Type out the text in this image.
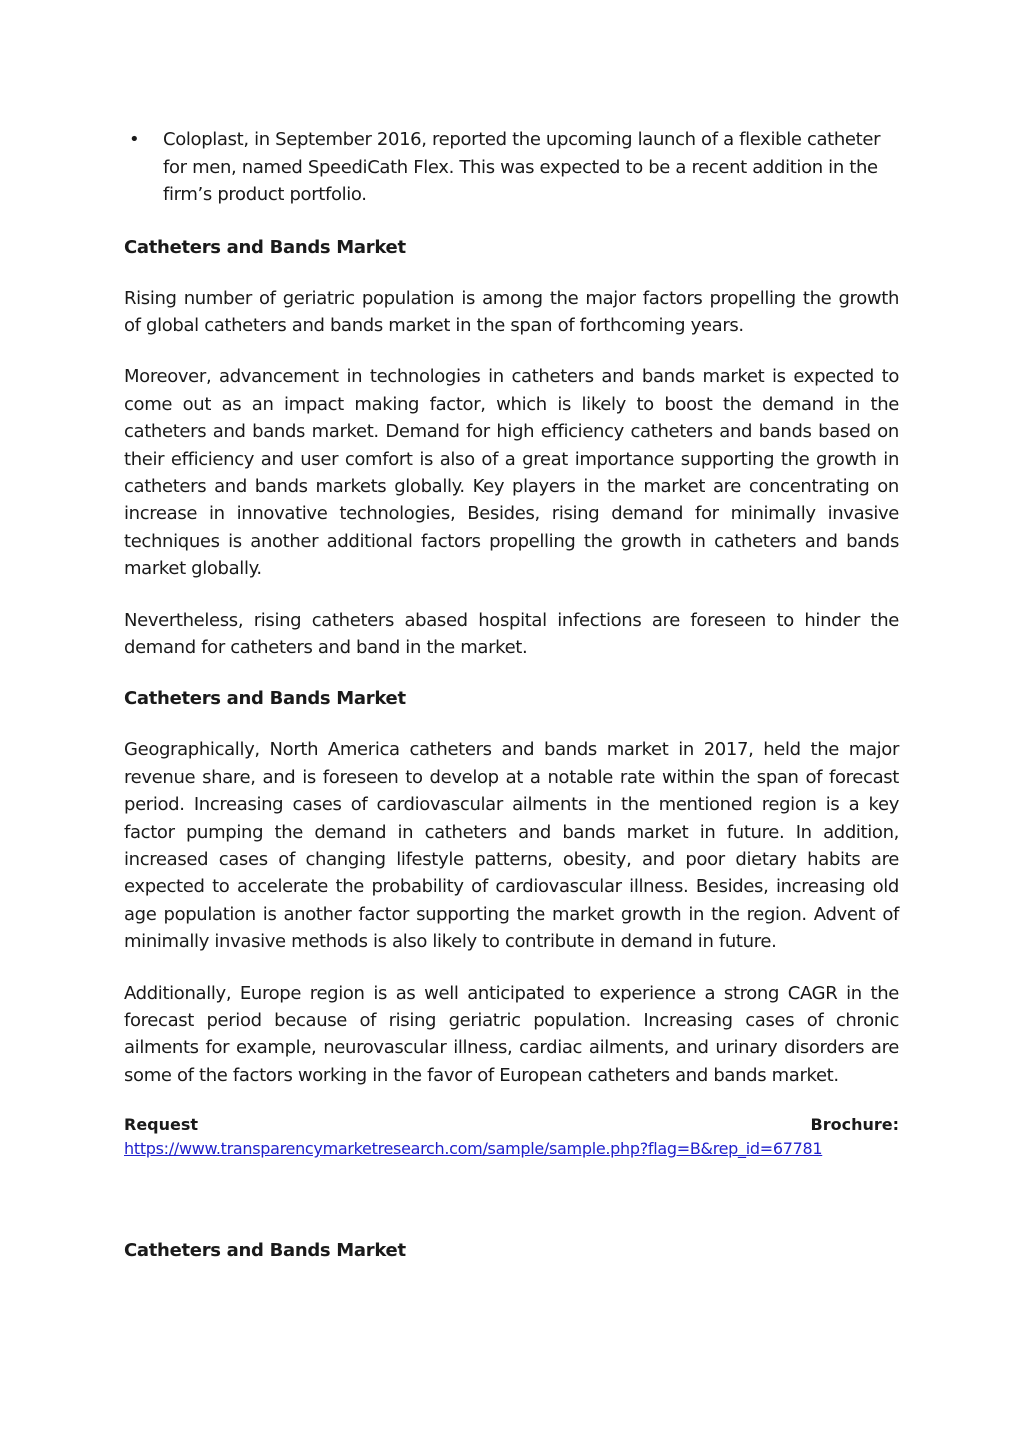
• Coloplast, in September 2016, reported the upcoming launch of a flexible catheter for men, named SpeediCath Flex. This was expected to be a recent addition in the firm’s product portfolio.
Catheters and Bands Market

Rising number of geriatric population is among the major factors propelling the growth of global catheters and bands market in the span of forthcoming years.

Moreover, advancement in technologies in catheters and bands market is expected to come out as an impact making factor, which is likely to boost the demand in the catheters and bands market. Demand for high efficiency catheters and bands based on their efficiency and user comfort is also of a great importance supporting the growth in catheters and bands markets globally. Key players in the market are concentrating on increase in innovative technologies, Besides, rising demand for minimally invasive techniques is another additional factors propelling the growth in catheters and bands market globally.

Nevertheless, rising catheters abased hospital infections are foreseen to hinder the demand for catheters and band in the market.

Catheters and Bands Market

Geographically, North America catheters and bands market in 2017, held the major revenue share, and is foreseen to develop at a notable rate within the span of forecast period. Increasing cases of cardiovascular ailments in the mentioned region is a key factor pumping the demand in catheters and bands market in future. In addition, increased cases of changing lifestyle patterns, obesity, and poor dietary habits are expected to accelerate the probability of cardiovascular illness. Besides, increasing old age population is another factor supporting the market growth in the region. Advent of minimally invasive methods is also likely to contribute in demand in future.

Additionally, Europe region is as well anticipated to experience a strong CAGR in the forecast period because of rising geriatric population. Increasing cases of chronic ailments for example, neurovascular illness, cardiac ailments, and urinary disorders are some of the factors working in the favor of European catheters and bands market.

Request	Brochure:
https://www.transparencymarketresearch.com/sample/sample.php?flag=B&rep_id=67781
Catheters and Bands Market
